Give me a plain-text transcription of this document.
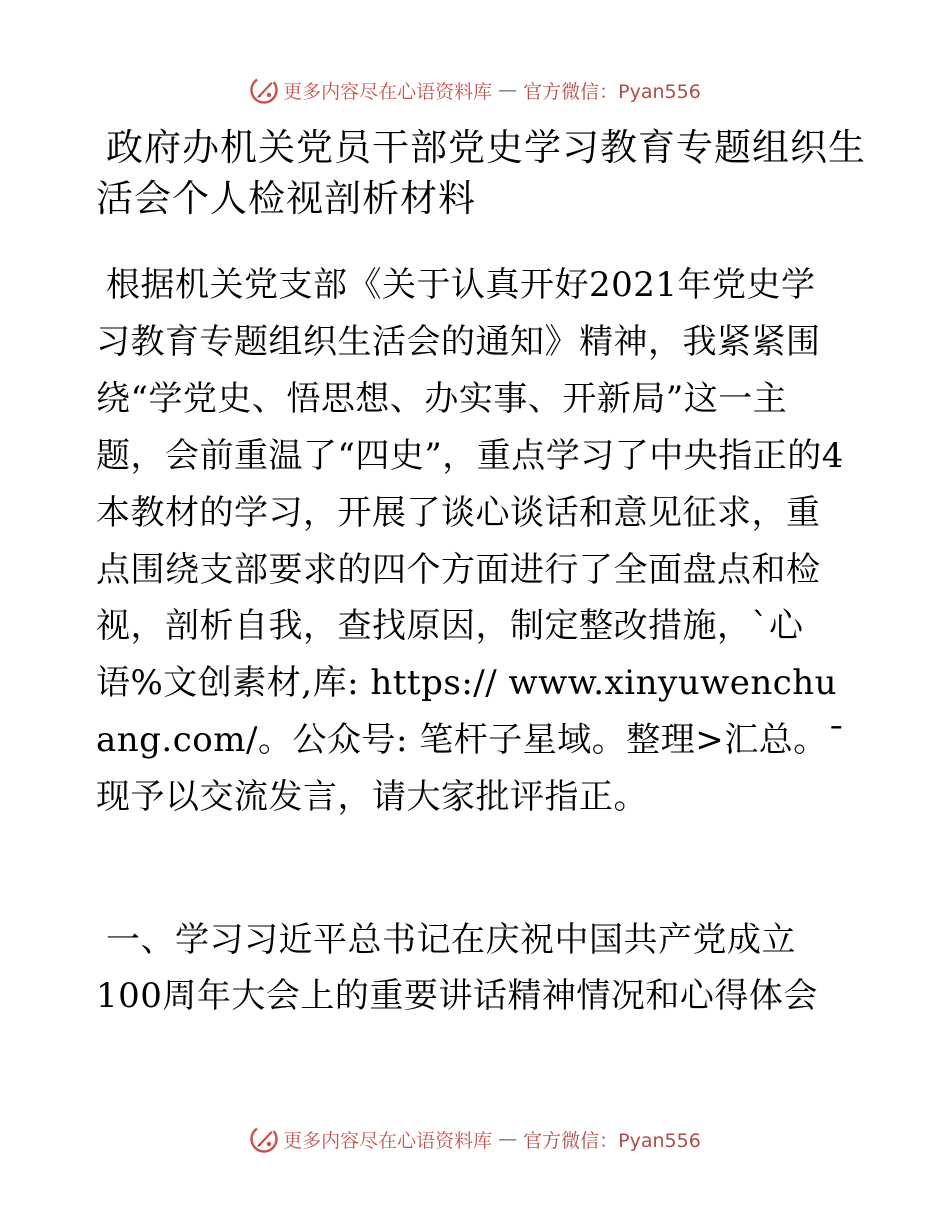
更多内容尽在心语资料库 — 官方微信：Pyan556
政府办机关党员干部党史学习教育专题组织生活会个人检视剖析材料

根据机关党支部《关于认真开好2021年党史学习教育专题组织生活会的通知》精神，我紧紧围绕“学党史、悟思想、办实事、开新局”这一主题，会前重温了“四史”，重点学习了中央指正的4本教材的学习，开展了谈心谈话和意见征求，重点围绕支部要求的四个方面进行了全面盘点和检视，剖析自我，查找原因，制定整改措施，`心语%文创素材,库: https:// www.xinyuwenchuang.com/。公众号: 笔杆子星域。整理>汇总。¯现予以交流发言，请大家批评指正。

一、学习习近平总书记在庆祝中国共产党成立100周年大会上的重要讲话精神情况和心得体会
更多内容尽在心语资料库 — 官方微信：Pyan556
